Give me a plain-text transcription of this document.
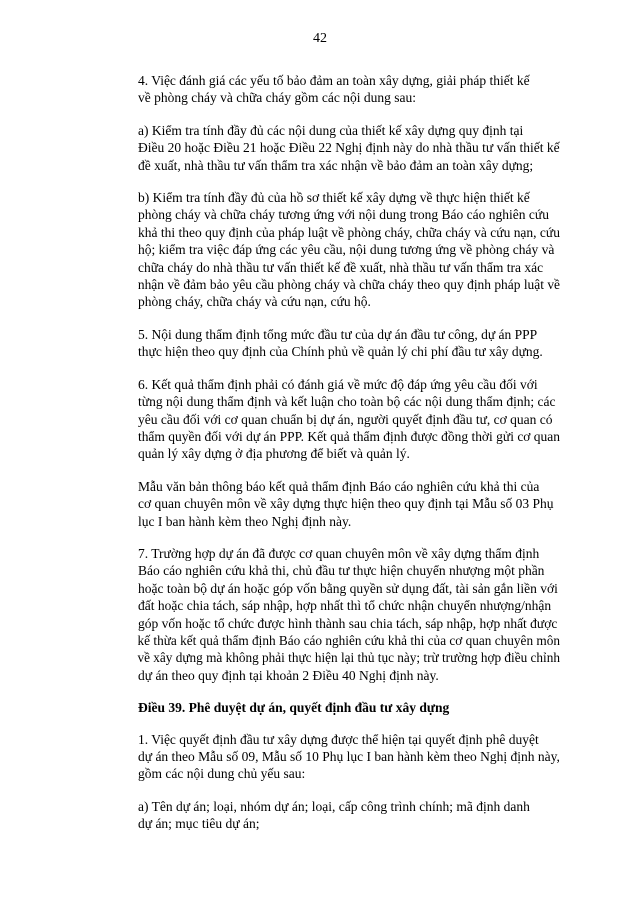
42
4. Việc đánh giá các yếu tố bảo đảm an toàn xây dựng, giải pháp thiết kế
về phòng cháy và chữa cháy gồm các nội dung sau:
a) Kiểm tra tính đầy đủ các nội dung của thiết kế xây dựng quy định tại
Điều 20 hoặc Điều 21 hoặc Điều 22 Nghị định này do nhà thầu tư vấn thiết kế
đề xuất, nhà thầu tư vấn thẩm tra xác nhận về bảo đảm an toàn xây dựng;
b) Kiểm tra tính đầy đủ của hồ sơ thiết kế xây dựng về thực hiện thiết kế
phòng cháy và chữa cháy tương ứng với nội dung trong Báo cáo nghiên cứu
khả thi theo quy định của pháp luật về phòng cháy, chữa cháy và cứu nạn, cứu
hộ; kiểm tra việc đáp ứng các yêu cầu, nội dung tương ứng về phòng cháy và
chữa cháy do nhà thầu tư vấn thiết kế đề xuất, nhà thầu tư vấn thẩm tra xác
nhận về đảm bảo yêu cầu phòng cháy và chữa cháy theo quy định pháp luật về
phòng cháy, chữa cháy và cứu nạn, cứu hộ.
5. Nội dung thẩm định tổng mức đầu tư của dự án đầu tư công, dự án PPP
thực hiện theo quy định của Chính phủ về quản lý chi phí đầu tư xây dựng.
6. Kết quả thẩm định phải có đánh giá về mức độ đáp ứng yêu cầu đối với
từng nội dung thẩm định và kết luận cho toàn bộ các nội dung thẩm định; các
yêu cầu đối với cơ quan chuẩn bị dự án, người quyết định đầu tư, cơ quan có
thẩm quyền đối với dự án PPP. Kết quả thẩm định được đồng thời gửi cơ quan
quản lý xây dựng ở địa phương để biết và quản lý.
Mẫu văn bản thông báo kết quả thẩm định Báo cáo nghiên cứu khả thi của
cơ quan chuyên môn về xây dựng thực hiện theo quy định tại Mẫu số 03 Phụ
lục I ban hành kèm theo Nghị định này.
7. Trường hợp dự án đã được cơ quan chuyên môn về xây dựng thẩm định
Báo cáo nghiên cứu khả thi, chủ đầu tư thực hiện chuyển nhượng một phần
hoặc toàn bộ dự án hoặc góp vốn bằng quyền sử dụng đất, tài sản gắn liền với
đất hoặc chia tách, sáp nhập, hợp nhất thì tổ chức nhận chuyển nhượng/nhận
góp vốn hoặc tổ chức được hình thành sau chia tách, sáp nhập, hợp nhất được
kế thừa kết quả thẩm định Báo cáo nghiên cứu khả thi của cơ quan chuyên môn
về xây dựng mà không phải thực hiện lại thủ tục này; trừ trường hợp điều chỉnh
dự án theo quy định tại khoản 2 Điều 40 Nghị định này.
Điều 39. Phê duyệt dự án, quyết định đầu tư xây dựng
1. Việc quyết định đầu tư xây dựng được thể hiện tại quyết định phê duyệt
dự án theo Mẫu số 09, Mẫu số 10 Phụ lục I ban hành kèm theo Nghị định này,
gồm các nội dung chủ yếu sau:
a) Tên dự án; loại, nhóm dự án; loại, cấp công trình chính; mã định danh
dự án; mục tiêu dự án;
